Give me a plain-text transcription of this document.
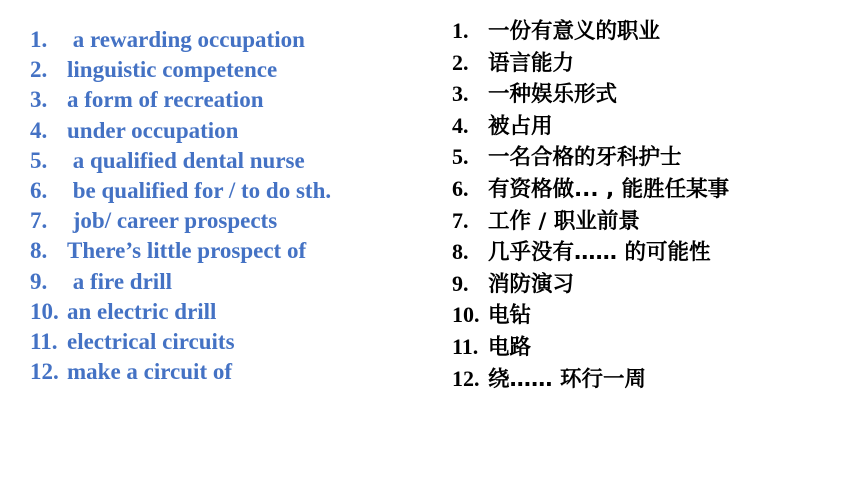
1. a rewarding occupation
2. linguistic competence
3. a form of recreation
4. under occupation
5. a qualified dental nurse
6. be qualified for / to do sth.
7. job/ career prospects
8. There’s little prospect of
9. a fire drill
10. an electric drill
11. electrical circuits
12. make a circuit of
1. 一份有意义的职业
2. 语言能力
3. 一种娱乐形式
4. 被占用
5. 一名合格的牙科护士
6. 有资格做... , 能胜任某事
7. 工作 / 职业前景
8. 几乎没有…… 的可能性
9. 消防演习
10. 电钻
11. 电路
12. 绕…… 环行一周
